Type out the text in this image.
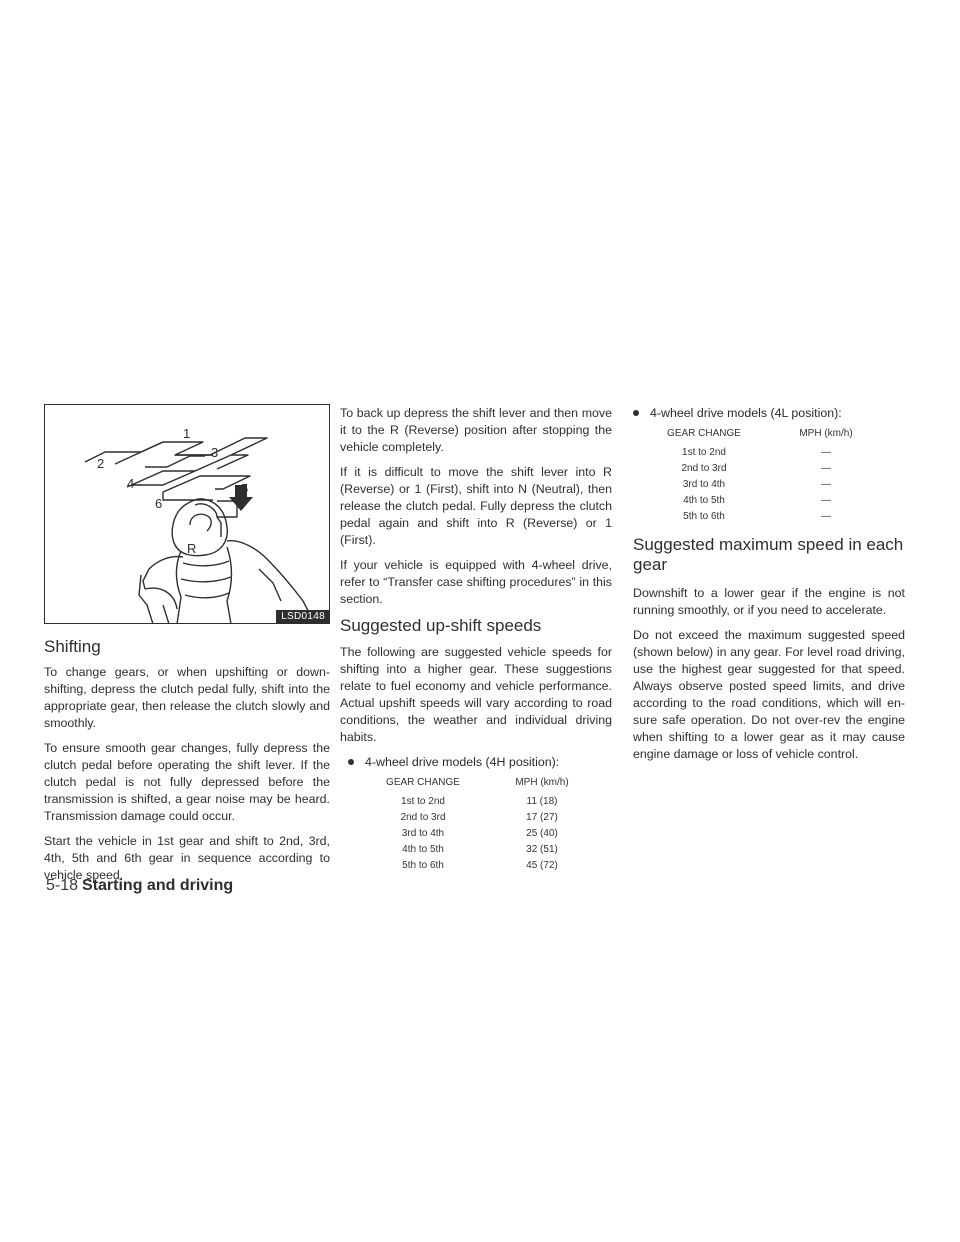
1
2
3
4	5
6
R
LSD0148
Shifting

To change gears, or when upshifting or down-shifting, depress the clutch pedal fully, shift into the appropriate gear, then release the clutch slowly and smoothly.

To ensure smooth gear changes, fully depress the clutch pedal before operating the shift lever. If the clutch pedal is not fully depressed before the transmission is shifted, a gear noise may be heard. Transmission damage could occur.

Start the vehicle in 1st gear and shift to 2nd, 3rd, 4th, 5th and 6th gear in sequence according to vehicle speed.

To back up depress the shift lever and then move it to the R (Reverse) position after stopping the vehicle completely.

If it is difficult to move the shift lever into R (Reverse) or 1 (First), shift into N (Neutral), then release the clutch pedal. Fully depress the clutch pedal again and shift into R (Reverse) or 1 (First).

If your vehicle is equipped with 4-wheel drive, refer to “Transfer case shifting procedures” in this section.

Suggested up-shift speeds

The following are suggested vehicle speeds for shifting into a higher gear. These suggestions relate to fuel economy and vehicle performance. Actual upshift speeds will vary according to road conditions, the weather and individual driving habits.

4-wheel drive models (4H position):
GEAR CHANGE	MPH (km/h)
1st to 2nd	11 (18)
2nd to 3rd	17 (27)
3rd to 4th	25 (40)
4th to 5th	32 (51)
5th to 6th	45 (72)
4-wheel drive models (4L position):
GEAR CHANGE	MPH (km/h)
1st to 2nd	—
2nd to 3rd	—
3rd to 4th	—
4th to 5th	—
5th to 6th	—
Suggested maximum speed in each gear

Downshift to a lower gear if the engine is not running smoothly, or if you need to accelerate.

Do not exceed the maximum suggested speed (shown below) in any gear. For level road driving, use the highest gear suggested for that speed. Always observe posted speed limits, and drive according to the road conditions, which will en-sure safe operation. Do not over-rev the engine when shifting to a lower gear as it may cause engine damage or loss of vehicle control.

5-18 Starting and driving
